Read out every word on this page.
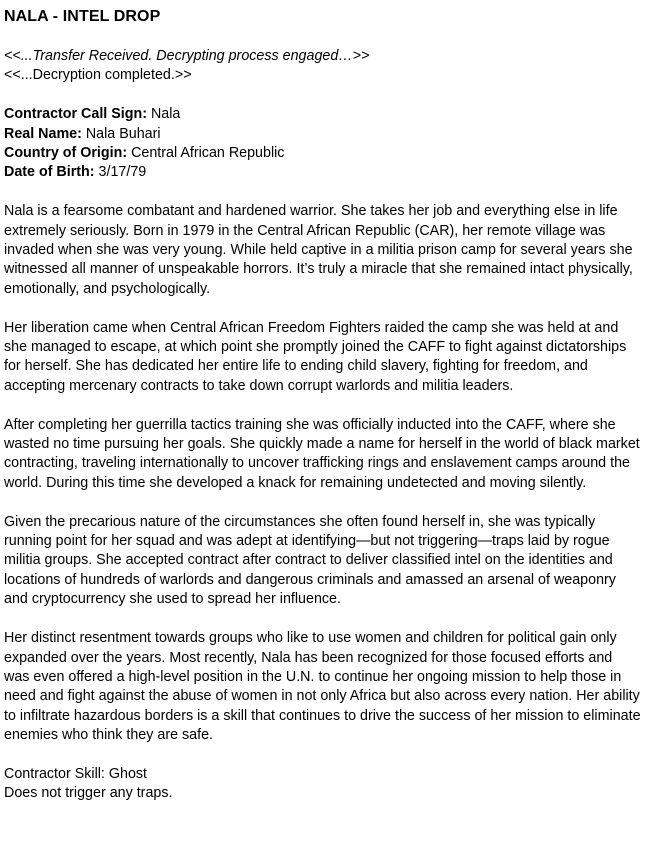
NALA - INTEL DROP

<<...Transfer Received. Decrypting process engaged…>>

<<...Decryption completed.>>

Contractor Call Sign: Nala

Real Name: Nala Buhari

Country of Origin: Central African Republic

Date of Birth: 3/17/79

Nala is a fearsome combatant and hardened warrior. She takes her job and everything else in life extremely seriously. Born in 1979 in the Central African Republic (CAR), her remote village was invaded when she was very young. While held captive in a militia prison camp for several years she witnessed all manner of unspeakable horrors. It’s truly a miracle that she remained intact physically, emotionally, and psychologically.

Her liberation came when Central African Freedom Fighters raided the camp she was held at and she managed to escape, at which point she promptly joined the CAFF to fight against dictatorships for herself. She has dedicated her entire life to ending child slavery, fighting for freedom, and accepting mercenary contracts to take down corrupt warlords and militia leaders.

After completing her guerrilla tactics training she was officially inducted into the CAFF, where she wasted no time pursuing her goals. She quickly made a name for herself in the world of black market contracting, traveling internationally to uncover trafficking rings and enslavement camps around the world. During this time she developed a knack for remaining undetected and moving silently.

Given the precarious nature of the circumstances she often found herself in, she was typically running point for her squad and was adept at identifying—but not triggering—traps laid by rogue militia groups. She accepted contract after contract to deliver classified intel on the identities and locations of hundreds of warlords and dangerous criminals and amassed an arsenal of weaponry and cryptocurrency she used to spread her influence.

Her distinct resentment towards groups who like to use women and children for political gain only expanded over the years. Most recently, Nala has been recognized for those focused efforts and was even offered a high-level position in the U.N. to continue her ongoing mission to help those in need and fight against the abuse of women in not only Africa but also across every nation. Her ability to infiltrate hazardous borders is a skill that continues to drive the success of her mission to eliminate enemies who think they are safe.

Contractor Skill: Ghost

Does not trigger any traps.
